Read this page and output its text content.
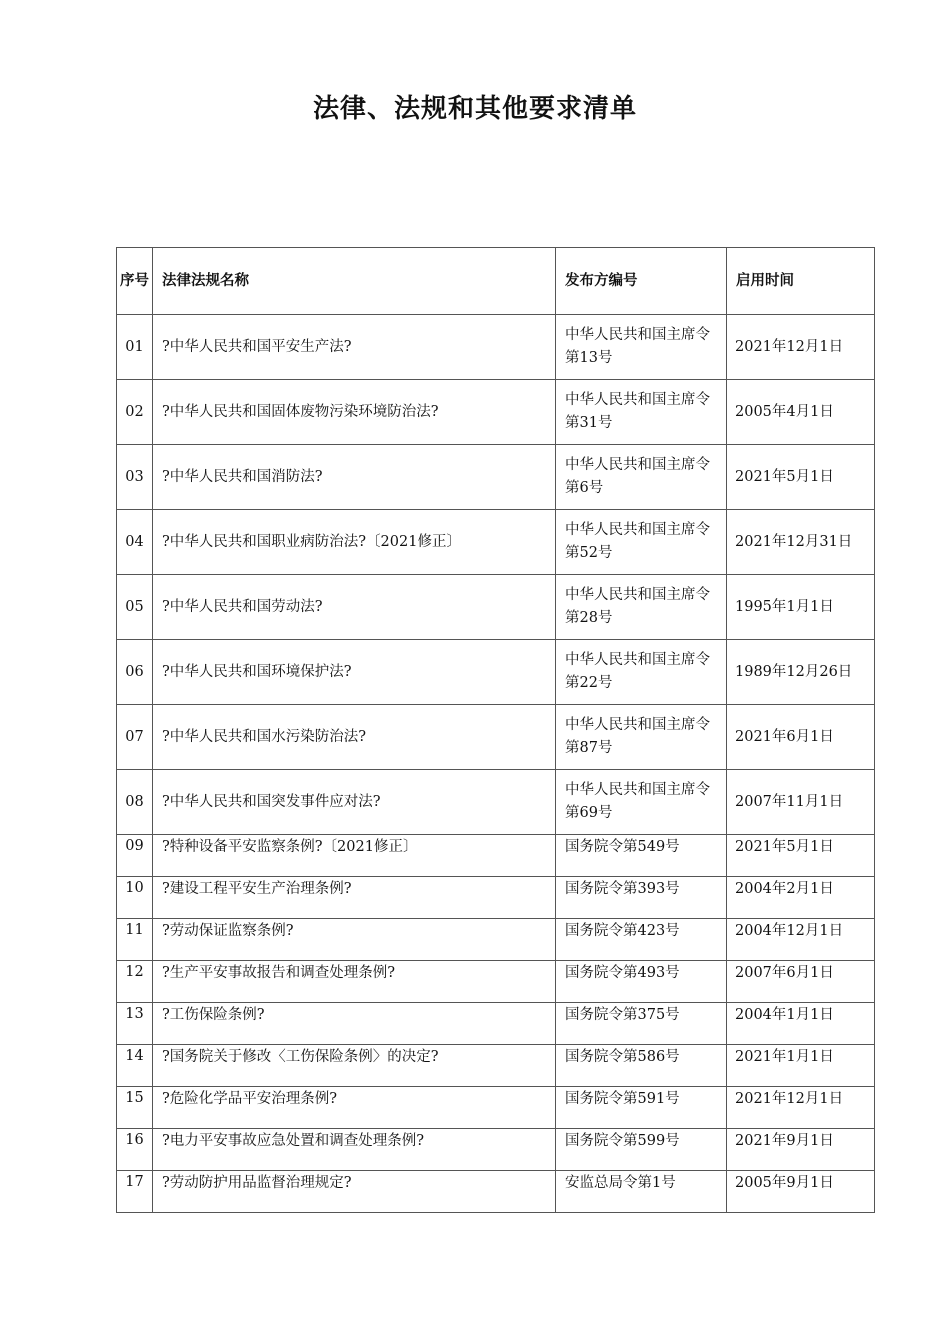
法律、法规和其他要求清单
序号	法律法规名称	发布方编号	启用时间
01	?中华人民共和国平安生产法?	中华人民共和国主席令第13号	2021年12月1日
02	?中华人民共和国固体废物污染环境防治法?	中华人民共和国主席令第31号	2005年4月1日
03	?中华人民共和国消防法?	中华人民共和国主席令第6号	2021年5月1日
04	?中华人民共和国职业病防治法?〔2021修正〕	中华人民共和国主席令第52号	2021年12月31日
05	?中华人民共和国劳动法?	中华人民共和国主席令第28号	1995年1月1日
06	?中华人民共和国环境保护法?	中华人民共和国主席令第22号	1989年12月26日
07	?中华人民共和国水污染防治法?	中华人民共和国主席令第87号	2021年6月1日
08	?中华人民共和国突发事件应对法?	中华人民共和国主席令第69号	2007年11月1日
09	?特种设备平安监察条例?〔2021修正〕	国务院令第549号	2021年5月1日
10	?建设工程平安生产治理条例?	国务院令第393号	2004年2月1日
11	?劳动保证监察条例?	国务院令第423号	2004年12月1日
12	?生产平安事故报告和调查处理条例?	国务院令第493号	2007年6月1日
13	?工伤保险条例?	国务院令第375号	2004年1月1日
14	?国务院关于修改〈工伤保险条例〉的决定?	国务院令第586号	2021年1月1日
15	?危险化学品平安治理条例?	国务院令第591号	2021年12月1日
16	?电力平安事故应急处置和调查处理条例?	国务院令第599号	2021年9月1日
17	?劳动防护用品监督治理规定?	安监总局令第1号	2005年9月1日
